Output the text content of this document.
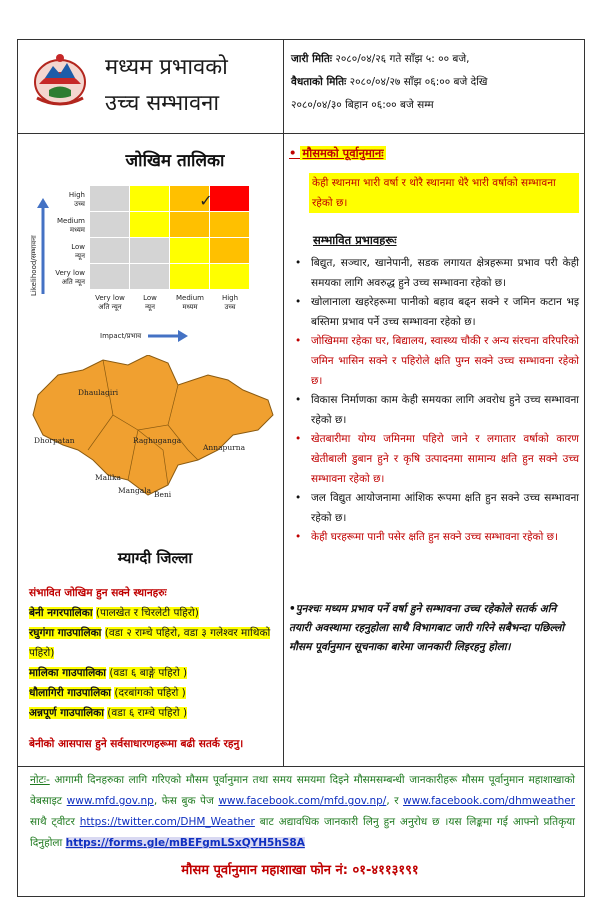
मध्यम प्रभावको
उच्च सम्भावना
जारी मितिः २०८०/०४/२६ गते साँझ ५: ०० बजे,
वैधताको मितिः २०८०/०४/२७ साँझ ०६:०० बजे देखि
२०८०/०४/३० बिहान ०६:०० बजे सम्म
जोखिम तालिका
High
उच्च
Medium
मध्यम
Low
न्यून
Very low
अति न्यून
Very low
अति न्यून
Low
न्यून
Medium
मध्यम
High
उच्च
✓
Likelihood/सम्भावना
Impact/प्रभाव
Dhaulagiri
Dhorpatan	Raghuganga
Annapurna
Malika
Mangala Beni
म्याग्दी जिल्ला
संभावित जोखिम हुन सक्ने स्थानहरुः
बेनी नगरपालिका (पालखेत र चिरलेटी पहिरो)
रघुगंगा गाउपालिका (वडा २ राम्चे पहिरो, वडा ३ गलेश्वर माथिको पहिरो)
मालिका गाउपालिका (वडा ६ बाङ्गे पहिरो )
धौलागिरी गाउपालिका (दरबांगको पहिरो )
अन्नपूर्ण गाउपालिका (वडा ६ राम्चे पहिरो )
बेनीको आसपास हुने सर्वसाधारणहरूमा बढी सतर्क रहनु।
• मौसमको पूर्वानुमानः
केही स्थानमा भारी वर्षा र थोरै स्थानमा धेरै भारी वर्षाको सम्भावना रहेको छ।
सम्भावित प्रभावहरूः
• बिद्युत, सञ्चार, खानेपानी, सडक लगायत क्षेत्रहरूमा प्रभाव परी केही समयका लागि अवरुद्ध हुने उच्च सम्भावना रहेको छ।
• खोलानाला खहरेहरूमा पानीको बहाव बढ्न सक्ने र जमिन कटान भइ बस्तिमा प्रभाव पर्ने उच्च सम्भावना रहेको छ।
• जोखिममा रहेका घर, बिद्यालय, स्वास्थ्य चौकी र अन्य संरचना वरिपरिको जमिन भासिन सक्ने र पहिरोले क्षति पुग्न सक्ने उच्च सम्भावना रहेको छ।
• विकास निर्माणका काम केही समयका लागि अवरोध हुने उच्च सम्भावना रहेको छ।
• खेतबारीमा योग्य जमिनमा पहिरो जाने र लगातार वर्षाको कारण खेतीबाली डुबान हुने र कृषि उत्पादनमा सामान्य क्षति हुन सक्ने उच्च सम्भावना रहेको छ।
• जल विद्युत आयोजनामा आंशिक रूपमा क्षति हुन सक्ने उच्च सम्भावना रहेको छ।
• केही घरहरूमा पानी पसेर क्षति हुन सक्ने उच्च सम्भावना रहेको छ।
•पुनश्चः मध्यम प्रभाव पर्ने वर्षा हुने सम्भावना उच्च रहेकोले सतर्क अनि तयारी अवस्थामा रहनुहोला साथै विभागबाट जारी गरिने सबैभन्दा पछिल्लो मौसम पूर्वानुमान सूचनाका बारेमा जानकारी लिइरहनु होला।
नोटः- आगामी दिनहरुका लागि गरिएको मौसम पूर्वानुमान तथा समय समयमा दिइने मौसमसम्बन्धी जानकारीहरू मौसम पूर्वानुमान महाशाखाको वेबसाइट www.mfd.gov.np, फेस बुक पेज www.facebook.com/mfd.gov.np/, र www.facebook.com/dhmweather साथै ट्वीटर https://twitter.com/DHM_Weather बाट अद्यावधिक जानकारी लिनु हुन अनुरोध छ ।यस लिङ्कमा गई आफ्नो प्रतिकृया दिनुहोला https://forms.gle/mBEFgmLSxQYH5hS8A
मौसम पूर्वानुमान महाशाखा फोन नं: ०१-४११३१९१
